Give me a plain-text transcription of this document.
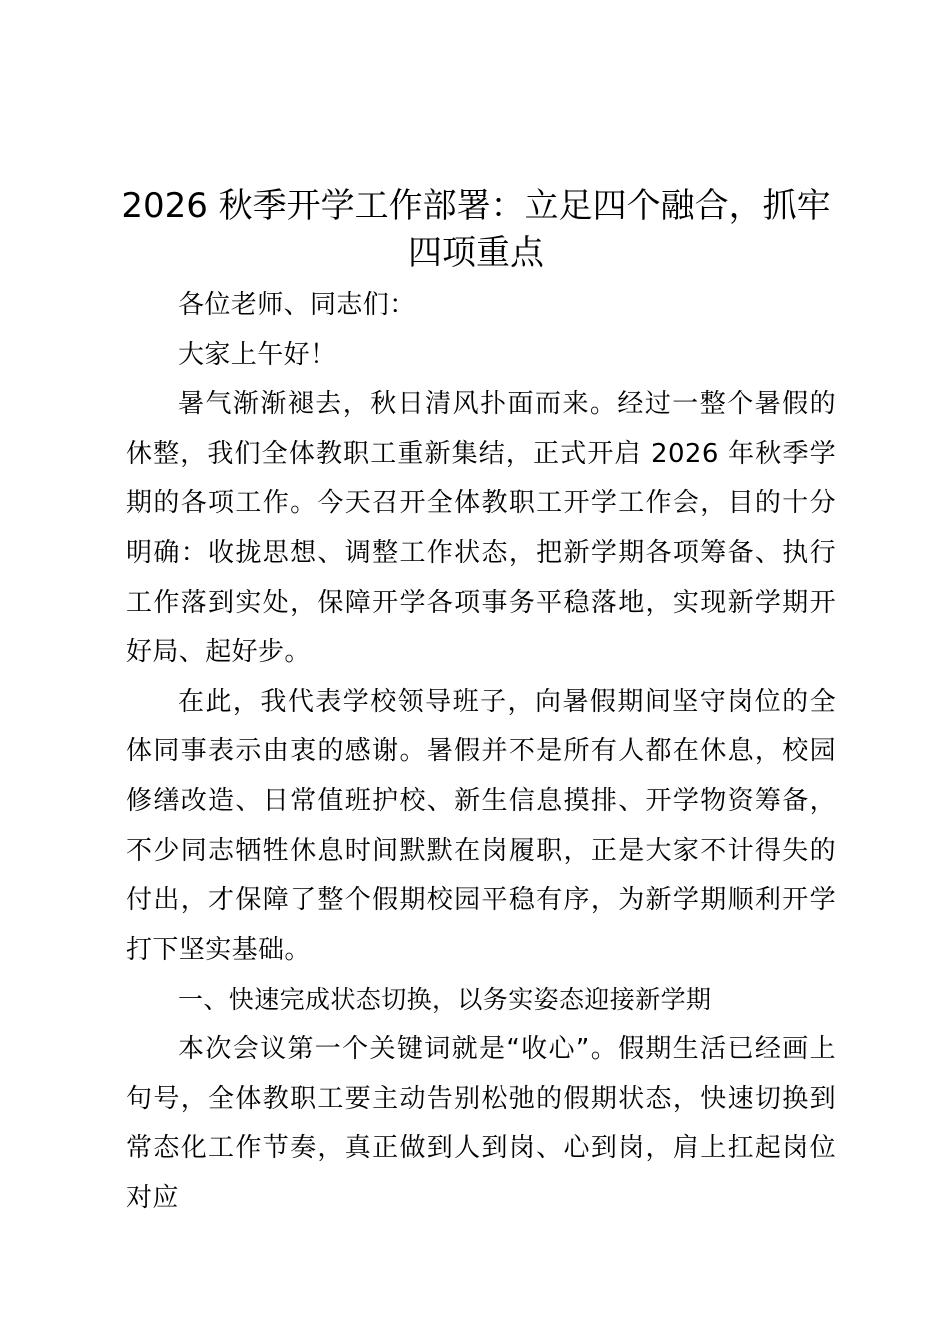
2026 秋季开学工作部署：立足四个融合，抓牢四项重点

各位老师、同志们：

大家上午好！

暑气渐渐褪去，秋日清风扑面而来。经过一整个暑假的休整，我们全体教职工重新集结，正式开启 2026 年秋季学期的各项工作。今天召开全体教职工开学工作会，目的十分明确：收拢思想、调整工作状态，把新学期各项筹备、执行工作落到实处，保障开学各项事务平稳落地，实现新学期开好局、起好步。

在此，我代表学校领导班子，向暑假期间坚守岗位的全体同事表示由衷的感谢。暑假并不是所有人都在休息，校园修缮改造、日常值班护校、新生信息摸排、开学物资筹备，不少同志牺牲休息时间默默在岗履职，正是大家不计得失的付出，才保障了整个假期校园平稳有序，为新学期顺利开学打下坚实基础。

一、快速完成状态切换，以务实姿态迎接新学期

本次会议第一个关键词就是“收心”。假期生活已经画上句号，全体教职工要主动告别松弛的假期状态，快速切换到常态化工作节奏，真正做到人到岗、心到岗，肩上扛起岗位对应
